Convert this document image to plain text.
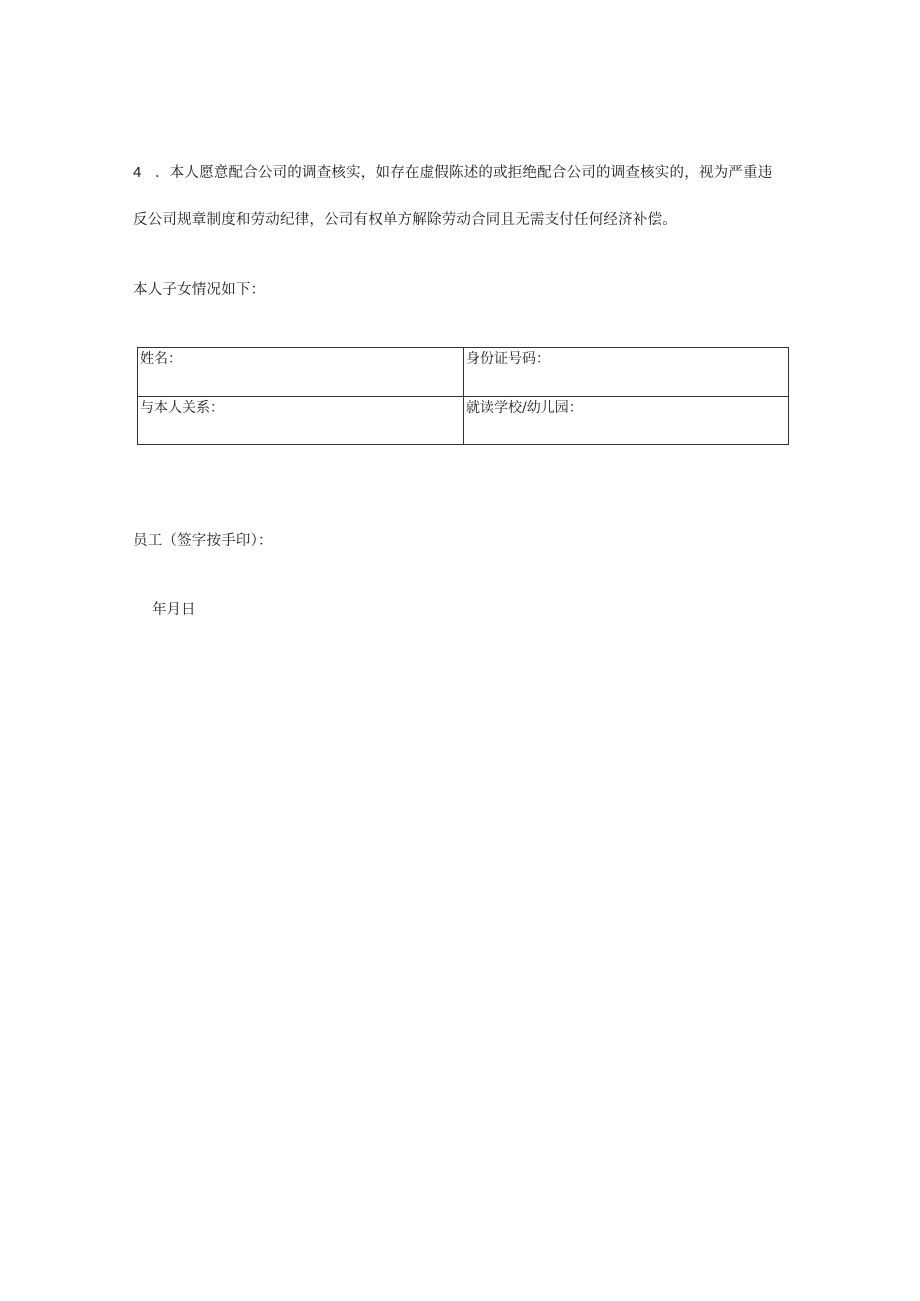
4 ．本人愿意配合公司的调查核实，如存在虚假陈述的或拒绝配合公司的调查核实的，视为严重违
反公司规章制度和劳动纪律，公司有权单方解除劳动合同且无需支付任何经济补偿。
本人子女情况如下：
姓名：	身份证号码：
与本人关系：	就读学校/幼儿园：
员工（签字按手印）：
年月日
